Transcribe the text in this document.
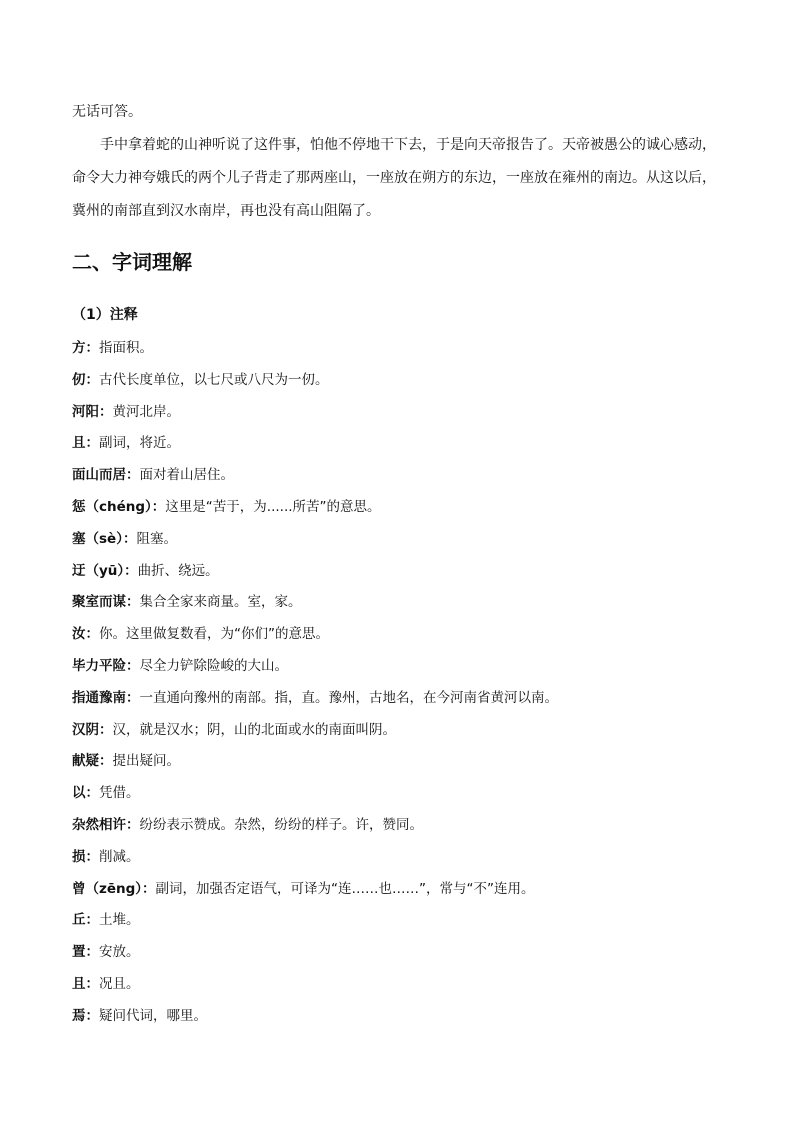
无话可答。

手中拿着蛇的山神听说了这件事，怕他不停地干下去，于是向天帝报告了。天帝被愚公的诚心感动，命令大力神夸娥氏的两个儿子背走了那两座山，一座放在朔方的东边，一座放在雍州的南边。从这以后，冀州的南部直到汉水南岸，再也没有高山阻隔了。

二、字词理解

（1）注释

方：指面积。
仞：古代长度单位，以七尺或八尺为一仞。
河阳：黄河北岸。
且：副词，将近。
面山而居：面对着山居住。
惩（chéng）：这里是“苦于，为......所苦”的意思。
塞（sè）：阻塞。
迂（yū）：曲折、绕远。
聚室而谋：集合全家来商量。室，家。
汝：你。这里做复数看，为“你们”的意思。
毕力平险：尽全力铲除险峻的大山。
指通豫南：一直通向豫州的南部。指，直。豫州，古地名，在今河南省黄河以南。
汉阴：汉，就是汉水；阴，山的北面或水的南面叫阴。
献疑：提出疑问。
以：凭借。
杂然相许：纷纷表示赞成。杂然，纷纷的样子。许，赞同。
损：削减。
曾（zēng）：副词，加强否定语气，可译为“连……也……”，常与“不”连用。
丘：土堆。
置：安放。
且：况且。
焉：疑问代词，哪里。
